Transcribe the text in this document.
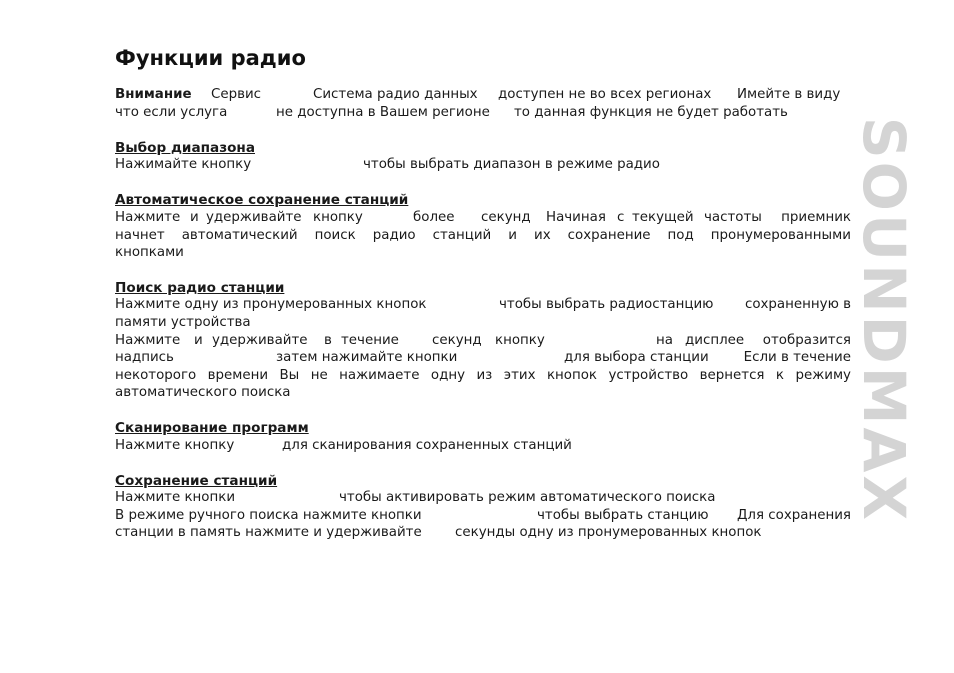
Функции радио
Внимание Сервис	Система радио данных доступен не во всех регионах Имейте в виду
что если услуга	не доступна в Вашем регионе то данная функция не будет работать
Выбор диапазона
Нажимайте кнопку	чтобы выбрать диапазон в режиме радио
Автоматическое сохранение станций
Нажмите и удерживайте кнопку	более секунд Начиная с текущей частоты приемник
начнет автоматический поиск радио станций и их сохранение под пронумерованными
кнопками
Поиск радио станции
Нажмите одну из пронумерованных кнопок	чтобы выбрать радиостанцию сохраненную в
памяти устройства
Нажмите и удерживайте в течение секунд кнопку	на дисплее отобразится
надпись	затем нажимайте кнопки	для выбора станции	Если в течение
некоторого времени Вы не нажимаете одну из этих кнопок устройство вернется к режиму
автоматического поиска
Сканирование программ
Нажмите кнопку	для сканирования сохраненных станций
Сохранение станций
Нажмите кнопки	чтобы активировать режим автоматического поиска
В режиме ручного поиска нажмите кнопки	чтобы выбрать станцию Для сохранения
станции в память нажмите и удерживайте секунды одну из пронумерованных кнопок
SOUNDMAX
